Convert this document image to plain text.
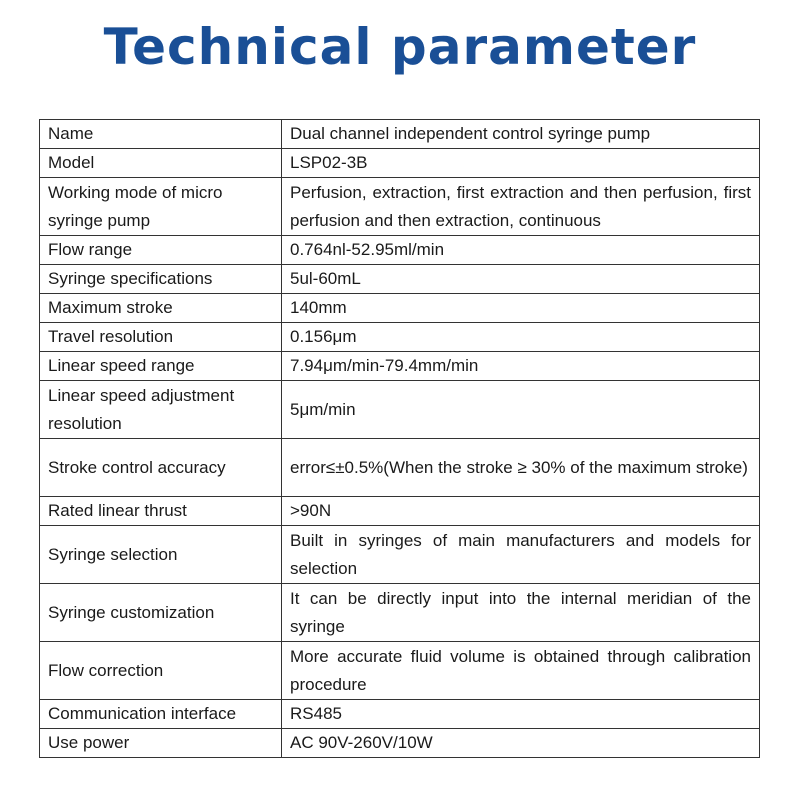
Technical parameter
Name	Dual channel independent control syringe pump
Model	LSP02-3B
Working mode of micro syringe pump	Perfusion, extraction, first extraction and then perfusion, first perfusion and then extraction, continuous
Flow range	0.764nl-52.95ml/min
Syringe specifications	5ul-60mL
Maximum stroke	140mm
Travel resolution	0.156μm
Linear speed range	7.94μm/min-79.4mm/min
Linear speed adjustment resolution	5μm/min
Stroke control accuracy	error≤±0.5%(When the stroke ≥ 30% of the maximum stroke)
Rated linear thrust	>90N
Syringe selection	Built in syringes of main manufacturers and models for selection
Syringe customization	It can be directly input into the internal meridian of the syringe
Flow correction	More accurate fluid volume is obtained through calibration procedure
Communication interface	RS485
Use power	AC 90V-260V/10W
